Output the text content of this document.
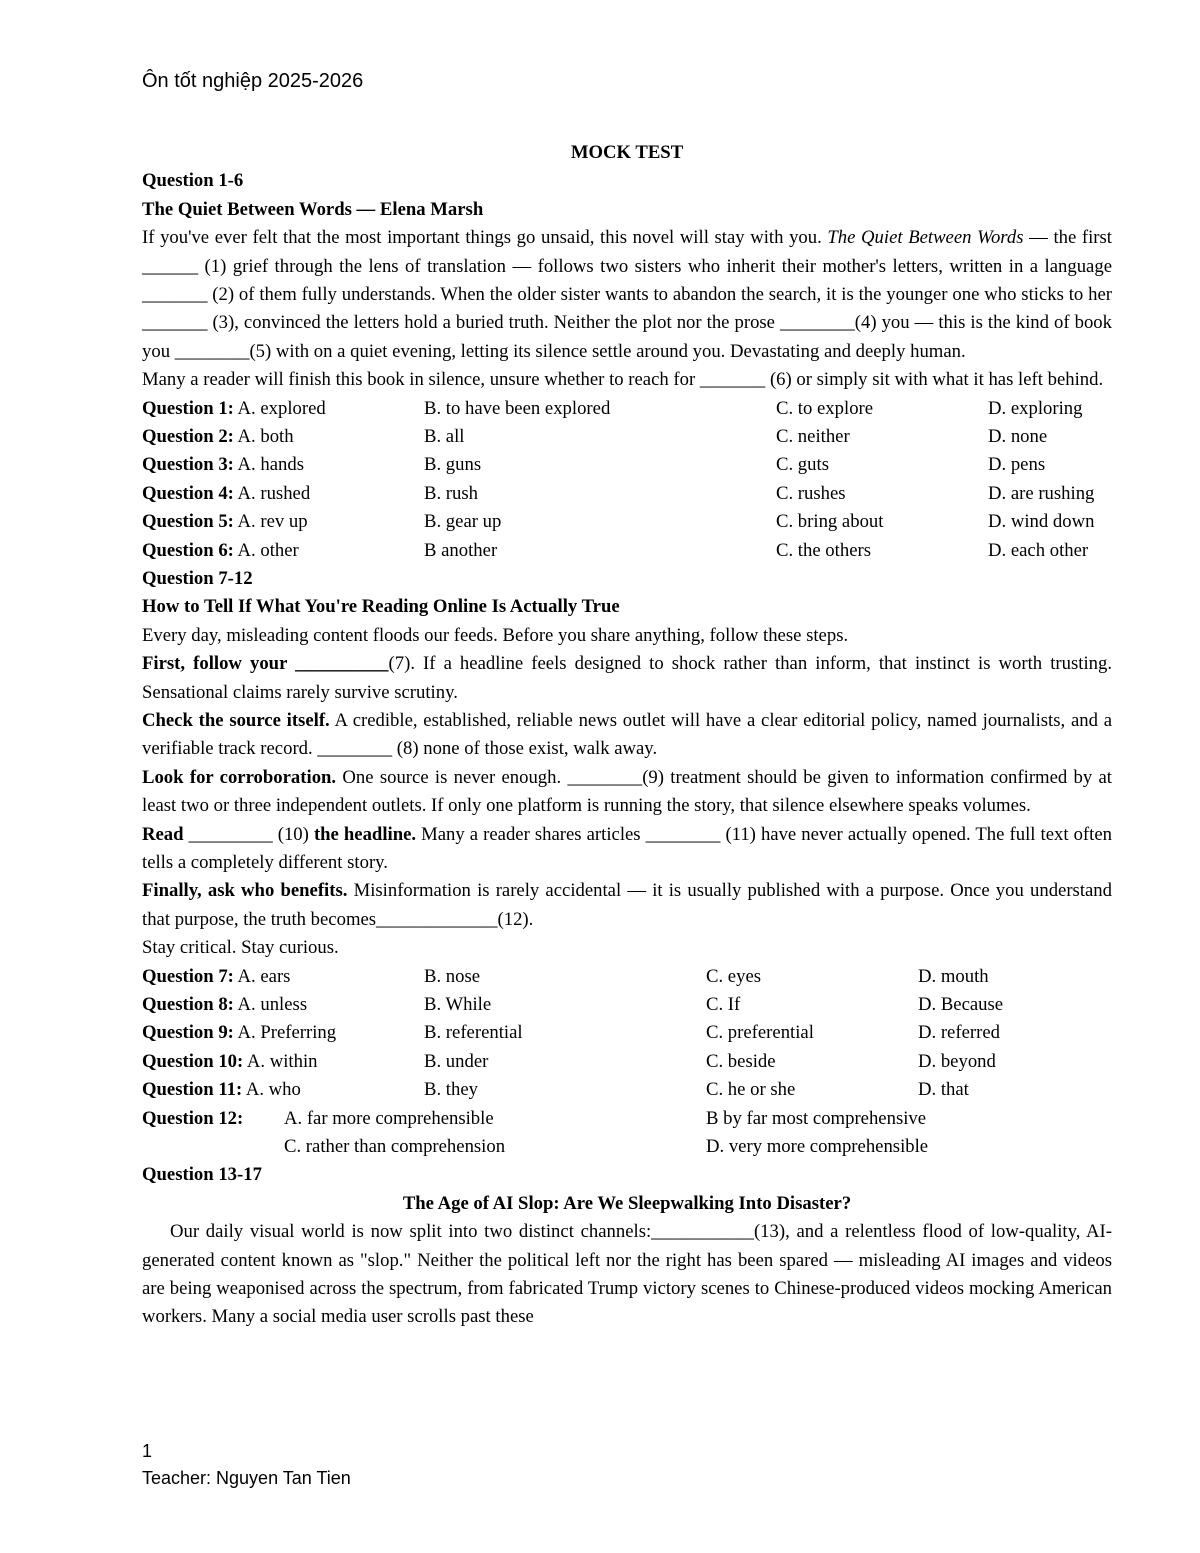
Ôn tốt nghiệp 2025-2026

MOCK TEST

Question 1-6

The Quiet Between Words — Elena Marsh

If you've ever felt that the most important things go unsaid, this novel will stay with you. The Quiet Between Words — the first ______ (1) grief through the lens of translation — follows two sisters who inherit their mother's letters, written in a language _______ (2) of them fully understands. When the older sister wants to abandon the search, it is the younger one who sticks to her _______ (3), convinced the letters hold a buried truth. Neither the plot nor the prose ________(4) you — this is the kind of book you ________(5) with on a quiet evening, letting its silence settle around you. Devastating and deeply human.

Many a reader will finish this book in silence, unsure whether to reach for _______ (6) or simply sit with what it has left behind.

Question 1: A. explored	B. to have been explored	C. to explore	D. exploring
Question 2: A. both	B. all	C. neither	D. none
Question 3: A. hands	B. guns	C. guts	D. pens
Question 4: A. rushed	B. rush	C. rushes	D. are rushing
Question 5: A. rev up	B. gear up	C. bring about	D. wind down
Question 6: A. other	B another	C. the others	D. each other

Question 7-12

How to Tell If What You're Reading Online Is Actually True

Every day, misleading content floods our feeds. Before you share anything, follow these steps.

First, follow your __________(7). If a headline feels designed to shock rather than inform, that instinct is worth trusting. Sensational claims rarely survive scrutiny.

Check the source itself. A credible, established, reliable news outlet will have a clear editorial policy, named journalists, and a verifiable track record. ________ (8) none of those exist, walk away.

Look for corroboration. One source is never enough. ________(9) treatment should be given to information confirmed by at least two or three independent outlets. If only one platform is running the story, that silence elsewhere speaks volumes.

Read _________ (10) the headline. Many a reader shares articles ________ (11) have never actually opened. The full text often tells a completely different story.

Finally, ask who benefits. Misinformation is rarely accidental — it is usually published with a purpose. Once you understand that purpose, the truth becomes_____________(12).

Stay critical. Stay curious.

Question 7: A. ears	B. nose	C. eyes	D. mouth
Question 8: A. unless	B. While	C. If	D. Because
Question 9: A. Preferring	B. referential	C. preferential	D. referred
Question 10: A. within	B. under	C. beside	D. beyond
Question 11: A. who	B. they	C. he or she	D. that
Question 12:	A. far more comprehensible	B by far most comprehensive
C. rather than comprehension	D. very more comprehensible

Question 13-17

The Age of AI Slop: Are We Sleepwalking Into Disaster?

Our daily visual world is now split into two distinct channels:___________(13), and a relentless flood of low-quality, AI-generated content known as "slop." Neither the political left nor the right has been spared — misleading AI images and videos are being weaponised across the spectrum, from fabricated Trump victory scenes to Chinese-produced videos mocking American workers. Many a social media user scrolls past these

1
Teacher: Nguyen Tan Tien
